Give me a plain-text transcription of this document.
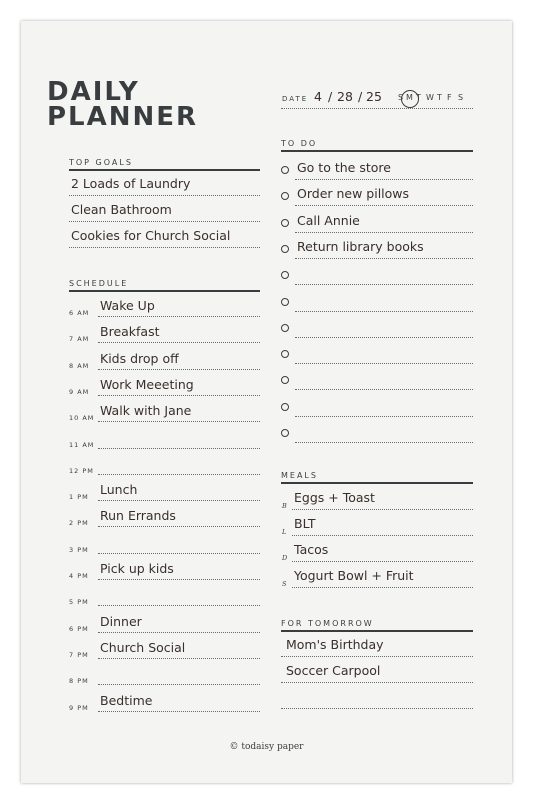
DAILY
PLANNER
DATE 4 / 28 / 25 S M T W T F S
TOP GOALS
2 Loads of Laundry
Clean Bathroom
Cookies for Church Social
SCHEDULE
6 AM Wake Up
7 AM Breakfast
8 AM Kids drop off
9 AM Work Meeeting
10 AM Walk with Jane
11 AM
12 PM
1 PM Lunch
2 PM Run Errands
3 PM
4 PM Pick up kids
5 PM
6 PM Dinner
7 PM Church Social
8 PM
9 PM Bedtime
TO DO
Go to the store
Order new pillows
Call Annie
Return library books
MEALS
B
Eggs + Toast
L
BLT
D
Tacos
S
Yogurt Bowl + Fruit
FOR TOMORROW
Mom's Birthday
Soccer Carpool
© todaisy paper
